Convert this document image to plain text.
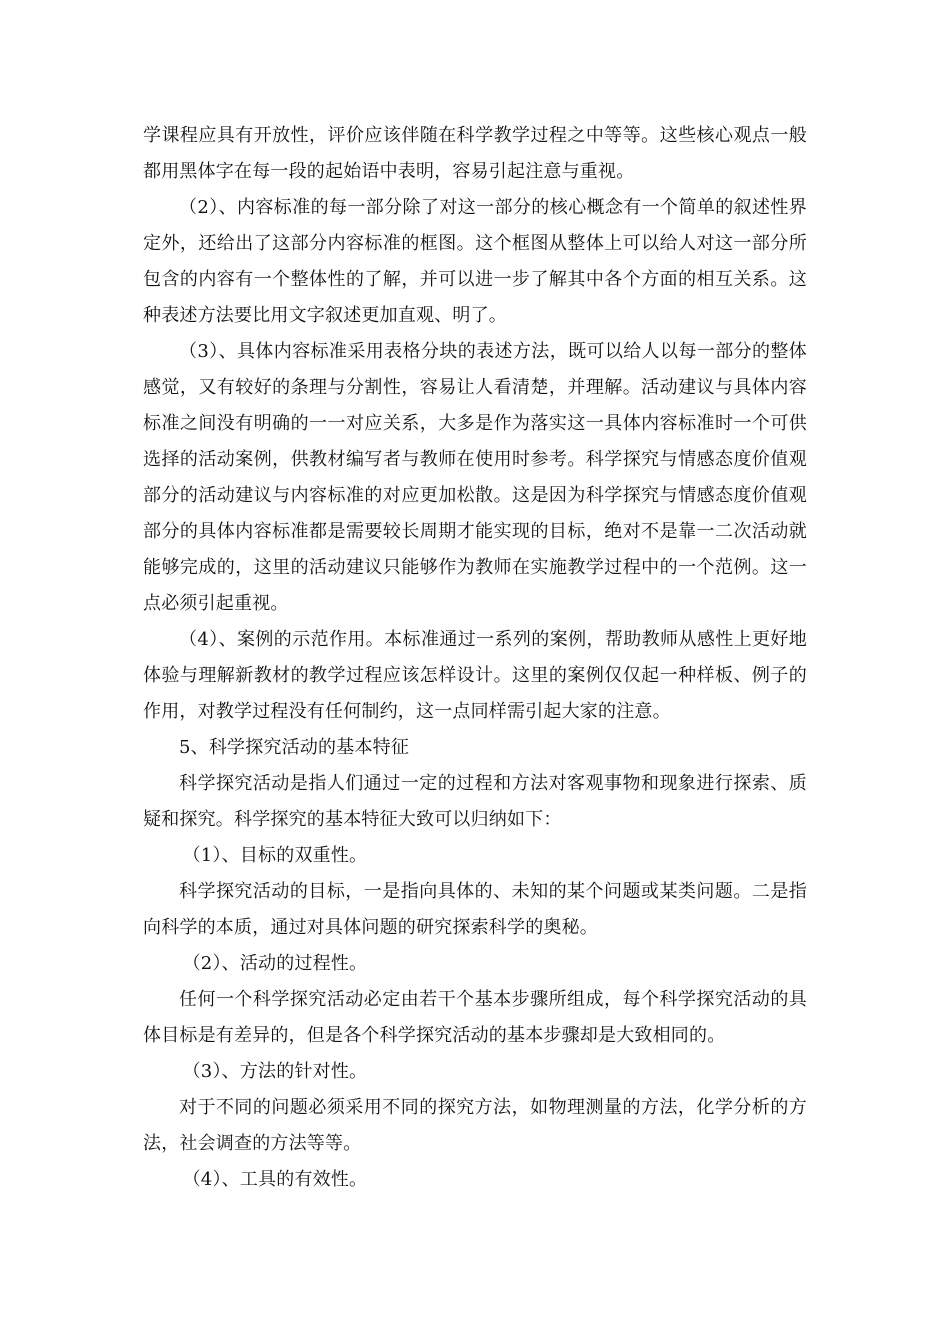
学课程应具有开放性，评价应该伴随在科学教学过程之中等等。这些核心观点一般都用黑体字在每一段的起始语中表明，容易引起注意与重视。

（2）、内容标准的每一部分除了对这一部分的核心概念有一个简单的叙述性界定外，还给出了这部分内容标准的框图。这个框图从整体上可以给人对这一部分所包含的内容有一个整体性的了解，并可以进一步了解其中各个方面的相互关系。这种表述方法要比用文字叙述更加直观、明了。

（3）、具体内容标准采用表格分块的表述方法，既可以给人以每一部分的整体感觉，又有较好的条理与分割性，容易让人看清楚，并理解。活动建议与具体内容标准之间没有明确的一一对应关系，大多是作为落实这一具体内容标准时一个可供选择的活动案例，供教材编写者与教师在使用时参考。科学探究与情感态度价值观部分的活动建议与内容标准的对应更加松散。这是因为科学探究与情感态度价值观部分的具体内容标准都是需要较长周期才能实现的目标，绝对不是靠一二次活动就能够完成的，这里的活动建议只能够作为教师在实施教学过程中的一个范例。这一点必须引起重视。

（4）、案例的示范作用。本标准通过一系列的案例，帮助教师从感性上更好地体验与理解新教材的教学过程应该怎样设计。这里的案例仅仅起一种样板、例子的作用，对教学过程没有任何制约，这一点同样需引起大家的注意。

5、科学探究活动的基本特征

科学探究活动是指人们通过一定的过程和方法对客观事物和现象进行探索、质疑和探究。科学探究的基本特征大致可以归纳如下：

（1）、目标的双重性。

科学探究活动的目标，一是指向具体的、未知的某个问题或某类问题。二是指向科学的本质，通过对具体问题的研究探索科学的奥秘。

（2）、活动的过程性。

任何一个科学探究活动必定由若干个基本步骤所组成，每个科学探究活动的具体目标是有差异的，但是各个科学探究活动的基本步骤却是大致相同的。

（3）、方法的针对性。

对于不同的问题必须采用不同的探究方法，如物理测量的方法，化学分析的方法，社会调查的方法等等。

（4）、工具的有效性。
